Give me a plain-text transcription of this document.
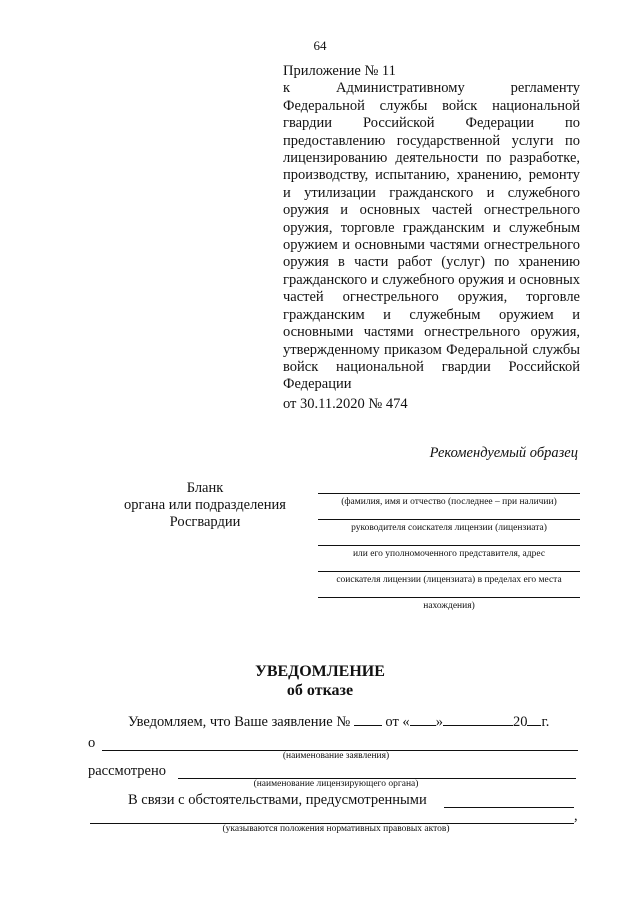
64
Приложение № 11
к Административному регламенту Федеральной службы войск национальной гвардии Российской Федерации по предоставлению государственной услуги по лицензированию деятельности по разработке, производству, испытанию, хранению, ремонту и утилизации гражданского и служебного оружия и основных частей огнестрельного оружия, торговле гражданским и служебным оружием и основными частями огнестрельного оружия в части работ (услуг) по хранению гражданского и служебного оружия и основных частей огнестрельного оружия, торговле гражданским и служебным оружием и основными частями огнестрельного оружия, утвержденному приказом Федеральной службы войск национальной гвардии Российской Федерации
от 30.11.2020 № 474
Рекомендуемый образец
Бланк
органа или подразделения
Росгвардии
(фамилия, имя и отчество (последнее – при наличии)
руководителя соискателя лицензии (лицензиата)
или его уполномоченного представителя, адрес
соискателя лицензии (лицензиата) в пределах его места
нахождения)
УВЕДОМЛЕНИЕ
об отказе
Уведомляем, что Ваше заявление № от « »	20 г.
о
(наименование заявления)
рассмотрено
(наименование лицензирующего органа)
В связи с обстоятельствами, предусмотренными
,
(указываются положения нормативных правовых актов)
